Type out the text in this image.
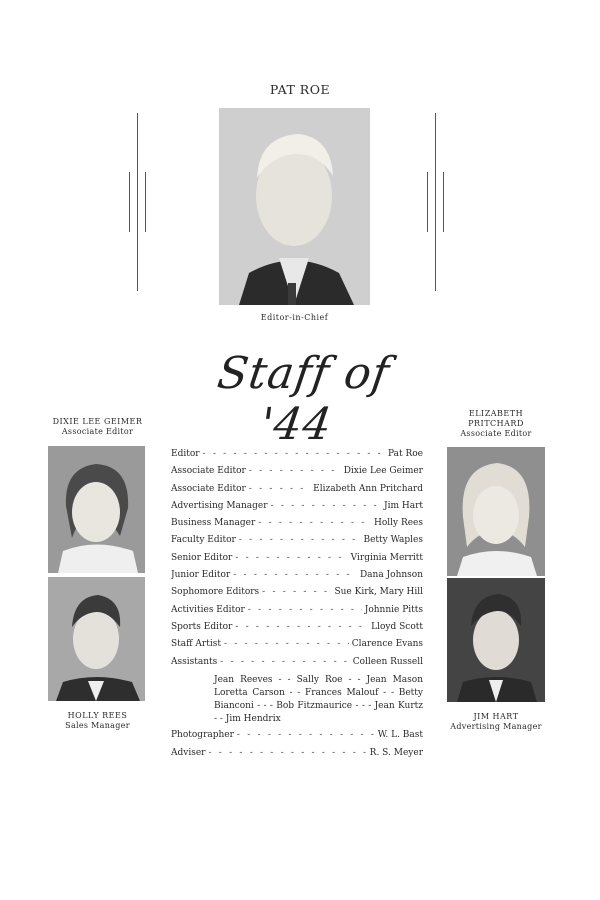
PAT ROE
Editor-in-Chief
Staff of '44
DIXIE LEE GEIMER
Associate Editor
HOLLY REES
Sales Manager
ELIZABETH
PRITCHARD
Associate Editor
JIM HART
Advertising Manager
Editor - - -	Pat Roe
Associate Editor - - -	Dixie Lee Geimer
Associate Editor - - -	Elizabeth Ann Pritchard
Advertising Manager - - -	Jim Hart
Business Manager - - -	Holly Rees
Faculty Editor - - -	Betty Waples
Senior Editor - - -	Virginia Merritt
Junior Editor - - -	Dana Johnson
Sophomore Editors - - -	Sue Kirk, Mary Hill
Activities Editor - - -	Johnnie Pitts
Sports Editor - - -	Lloyd Scott
Staff Artist - - -	Clarence Evans
Assistants - - -	Colleen Russell
Jean Reeves - - Sally Roe - - Jean Mason Loretta Carson - - Frances Malouf - - Betty Bianconi - - - Bob Fitzmaurice - - - Jean Kurtz - - Jim Hendrix
Photographer - - -	W. L. Bast
Adviser - - -	R. S. Meyer
